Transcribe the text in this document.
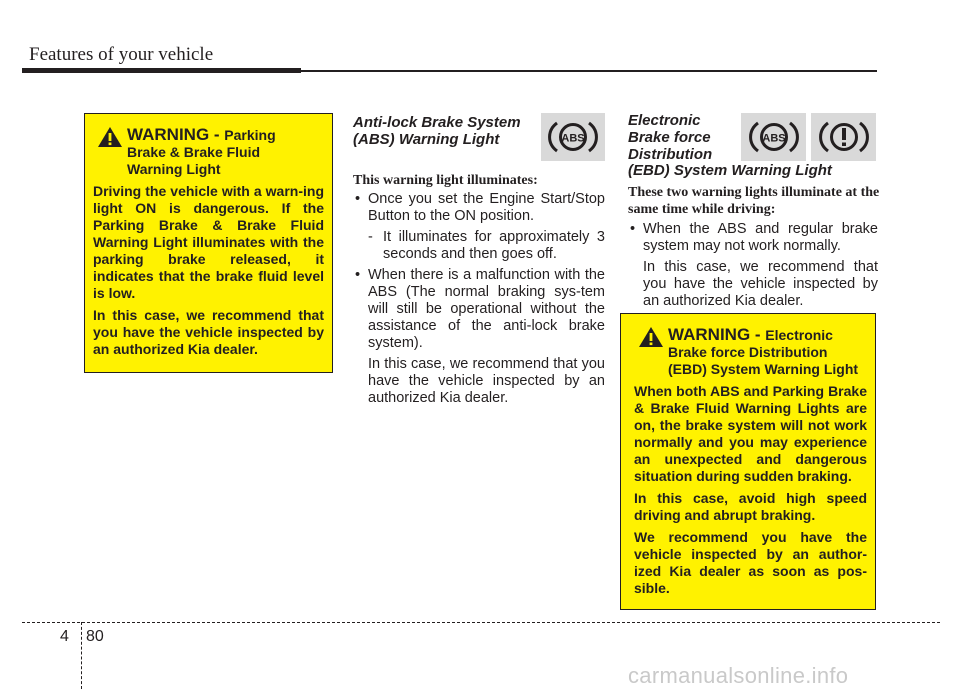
Features of your vehicle
WARNING - Parking
Brake & Brake Fluid
Warning Light

Driving the vehicle with a warn-ing light ON is dangerous. If the Parking Brake & Brake Fluid Warning Light illuminates with the parking brake released, it indicates that the brake fluid level is low.

In this case, we recommend that you have the vehicle inspected by an authorized Kia dealer.

Anti-lock Brake System (ABS) Warning Light	ABS
This warning light illuminates:

• Once you set the Engine Start/Stop Button to the ON position.

- It illuminates for approximately 3 seconds and then goes off.

• When there is a malfunction with the ABS (The normal braking sys-tem will still be operational without the assistance of the anti-lock brake system).

In this case, we recommend that you have the vehicle inspected by an authorized Kia dealer.

Electronic
Brake force
Distribution
(EBD) System Warning Light
ABS
These two warning lights illuminate at the same time while driving:

• When the ABS and regular brake system may not work normally.

In this case, we recommend that you have the vehicle inspected by an authorized Kia dealer.

WARNING - Electronic
Brake force Distribution
(EBD) System Warning Light

When both ABS and Parking Brake & Brake Fluid Warning Lights are on, the brake system will not work normally and you may experience an unexpected and dangerous situation during sudden braking.

In this case, avoid high speed driving and abrupt braking.

We recommend you have the vehicle inspected by an author-ized Kia dealer as soon as pos-sible.

4 80
carmanualsonline.info
